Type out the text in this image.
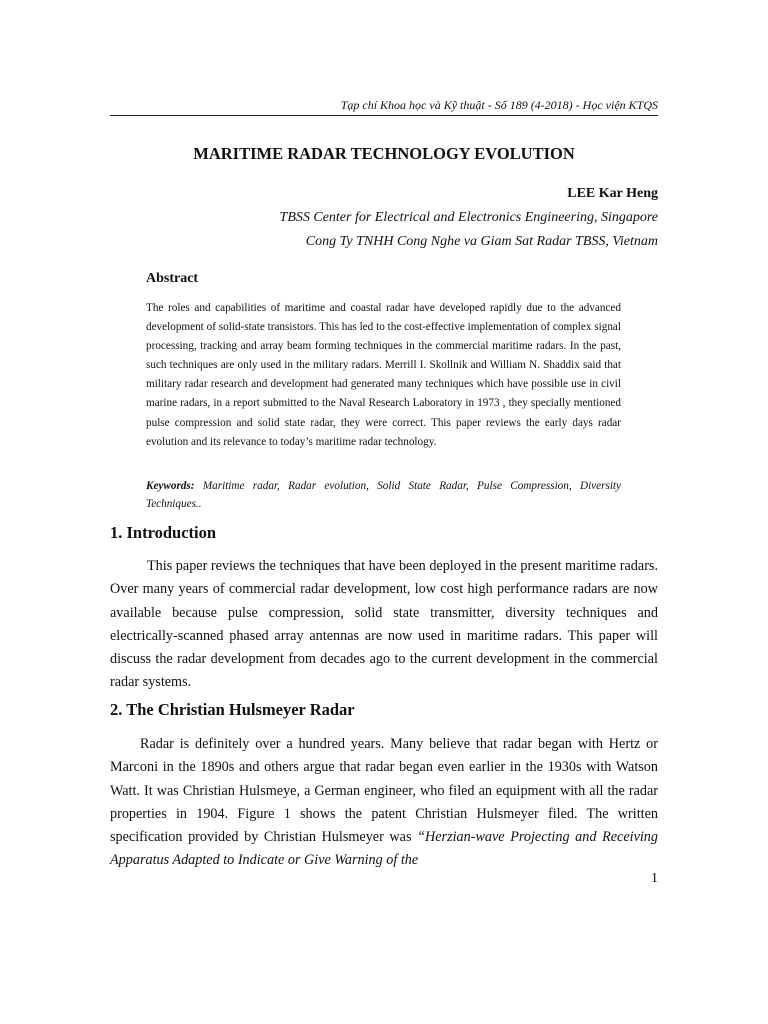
Tạp chí Khoa học và Kỹ thuật - Số 189 (4-2018) - Học viện KTQS
MARITIME RADAR TECHNOLOGY EVOLUTION
LEE Kar Heng
TBSS Center for Electrical and Electronics Engineering, Singapore
Cong Ty TNHH Cong Nghe va Giam Sat Radar TBSS, Vietnam
Abstract
The roles and capabilities of maritime and coastal radar have developed rapidly due to the advanced development of solid-state transistors. This has led to the cost-effective implementation of complex signal processing, tracking and array beam forming techniques in the commercial maritime radars. In the past, such techniques are only used in the military radars. Merrill I. Skollnik and William N. Shaddix said that military radar research and development had generated many techniques which have possible use in civil marine radars, in a report submitted to the Naval Research Laboratory in 1973 , they specially mentioned pulse compression and solid state radar, they were correct. This paper reviews the early days radar evolution and its relevance to today’s maritime radar technology.
Keywords: Maritime radar, Radar evolution, Solid State Radar, Pulse Compression, Diversity Techniques..
1. Introduction
This paper reviews the techniques that have been deployed in the present maritime radars. Over many years of commercial radar development, low cost high performance radars are now available because pulse compression, solid state transmitter, diversity techniques and electrically-scanned phased array antennas are now used in maritime radars. This paper will discuss the radar development from decades ago to the current development in the commercial radar systems.
2. The Christian Hulsmeyer Radar
Radar is definitely over a hundred years. Many believe that radar began with Hertz or Marconi in the 1890s and others argue that radar began even earlier in the 1930s with Watson Watt. It was Christian Hulsmeye, a German engineer, who filed an equipment with all the radar properties in 1904. Figure 1 shows the patent Christian Hulsmeyer filed. The written specification provided by Christian Hulsmeyer was “Herzian-wave Projecting and Receiving Apparatus Adapted to Indicate or Give Warning of the
1
